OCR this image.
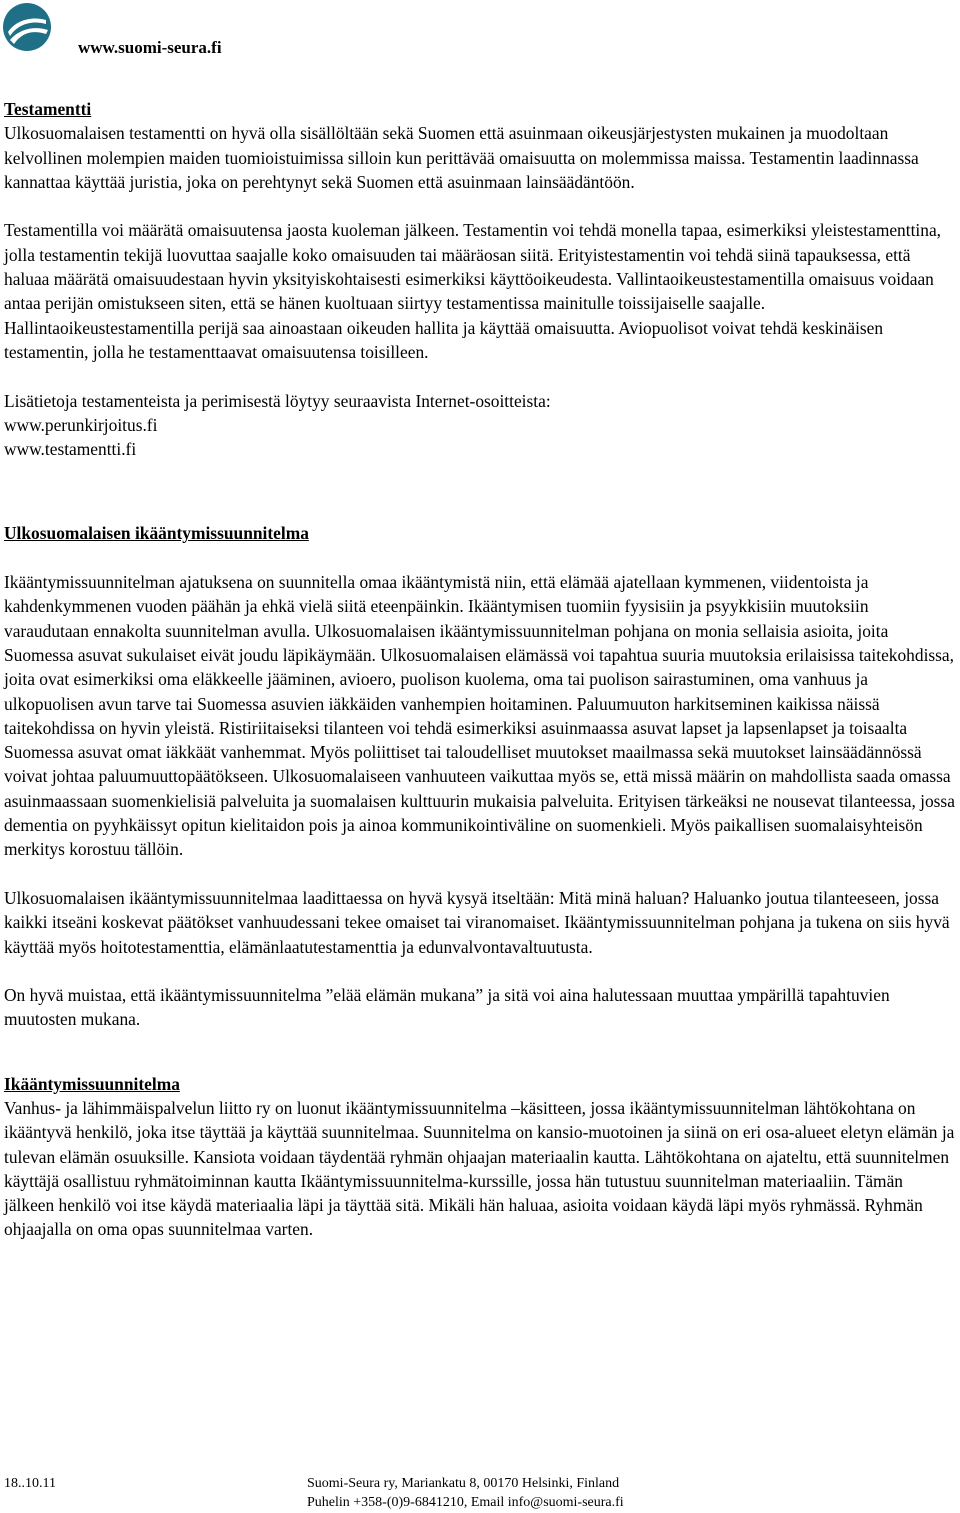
www.suomi-seura.fi
Testamentti

Ulkosuomalaisen testamentti on hyvä olla sisällöltään sekä Suomen että asuinmaan oikeusjärjestysten mukainen ja muodoltaan kelvollinen molempien maiden tuomioistuimissa silloin kun perittävää omaisuutta on molemmissa maissa. Testamentin laadinnassa kannattaa käyttää juristia, joka on perehtynyt sekä Suomen että asuinmaan lainsäädäntöön.

Testamentilla voi määrätä omaisuutensa jaosta kuoleman jälkeen. Testamentin voi tehdä monella tapaa, esimerkiksi yleistestamenttina, jolla testamentin tekijä luovuttaa saajalle koko omaisuuden tai määräosan siitä. Erityistestamentin voi tehdä siinä tapauksessa, että haluaa määrätä omaisuudestaan hyvin yksityiskohtaisesti esimerkiksi käyttöoikeudesta. Vallintaoikeustestamentilla omaisuus voidaan antaa perijän omistukseen siten, että se hänen kuoltuaan siirtyy testamentissa mainitulle toissijaiselle saajalle. Hallintaoikeustestamentilla perijä saa ainoastaan oikeuden hallita ja käyttää omaisuutta. Aviopuolisot voivat tehdä keskinäisen testamentin, jolla he testamenttaavat omaisuutensa toisilleen.

Lisätietoja testamenteista ja perimisestä löytyy seuraavista Internet-osoitteista:

www.perunkirjoitus.fi

www.testamentti.fi

Ulkosuomalaisen ikääntymissuunnitelma

Ikääntymissuunnitelman ajatuksena on suunnitella omaa ikääntymistä niin, että elämää ajatellaan kymmenen, viidentoista ja kahdenkymmenen vuoden päähän ja ehkä vielä siitä eteenpäinkin. Ikääntymisen tuomiin fyysisiin ja psyykkisiin muutoksiin varaudutaan ennakolta suunnitelman avulla. Ulkosuomalaisen ikääntymissuunnitelman pohjana on monia sellaisia asioita, joita Suomessa asuvat sukulaiset eivät joudu läpikäymään. Ulkosuomalaisen elämässä voi tapahtua suuria muutoksia erilaisissa taitekohdissa, joita ovat esimerkiksi oma eläkkeelle jääminen, avioero, puolison kuolema, oma tai puolison sairastuminen, oma vanhuus ja ulkopuolisen avun tarve tai Suomessa asuvien iäkkäiden vanhempien hoitaminen. Paluumuuton harkitseminen kaikissa näissä taitekohdissa on hyvin yleistä. Ristiriitaiseksi tilanteen voi tehdä esimerkiksi asuinmaassa asuvat lapset ja lapsenlapset ja toisaalta Suomessa asuvat omat iäkkäät vanhemmat. Myös poliittiset tai taloudelliset muutokset maailmassa sekä muutokset lainsäädännössä voivat johtaa paluumuuttopäätökseen. Ulkosuomalaiseen vanhuuteen vaikuttaa myös se, että missä määrin on mahdollista saada omassa asuinmaassaan suomenkielisiä palveluita ja suomalaisen kulttuurin mukaisia palveluita. Erityisen tärkeäksi ne nousevat tilanteessa, jossa dementia on pyyhkäissyt opitun kielitaidon pois ja ainoa kommunikointiväline on suomenkieli. Myös paikallisen suomalaisyhteisön merkitys korostuu tällöin.

Ulkosuomalaisen ikääntymissuunnitelmaa laadittaessa on hyvä kysyä itseltään: Mitä minä haluan? Haluanko joutua tilanteeseen, jossa kaikki itseäni koskevat päätökset vanhuudessani tekee omaiset tai viranomaiset. Ikääntymissuunnitelman pohjana ja tukena on siis hyvä käyttää myös hoitotestamenttia, elämänlaatutestamenttia ja edunvalvontavaltuutusta.

On hyvä muistaa, että ikääntymissuunnitelma ”elää elämän mukana” ja sitä voi aina halutessaan muuttaa ympärillä tapahtuvien muutosten mukana.

Ikääntymissuunnitelma

Vanhus- ja lähimmäispalvelun liitto ry on luonut ikääntymissuunnitelma –käsitteen, jossa ikääntymissuunnitelman lähtökohtana on ikääntyvä henkilö, joka itse täyttää ja käyttää suunnitelmaa. Suunnitelma on kansio-muotoinen ja siinä on eri osa-alueet eletyn elämän ja tulevan elämän osuuksille. Kansiota voidaan täydentää ryhmän ohjaajan materiaalin kautta. Lähtökohtana on ajateltu, että suunnitelmen käyttäjä osallistuu ryhmätoiminnan kautta Ikääntymissuunnitelma-kurssille, jossa hän tutustuu suunnitelman materiaaliin. Tämän jälkeen henkilö voi itse käydä materiaalia läpi ja täyttää sitä. Mikäli hän haluaa, asioita voidaan käydä läpi myös ryhmässä. Ryhmän ohjaajalla on oma opas suunnitelmaa varten.

18..10.11	Suomi-Seura ry, Mariankatu 8, 00170 Helsinki, Finland
Puhelin +358-(0)9-6841210, Email info@suomi-seura.fi
